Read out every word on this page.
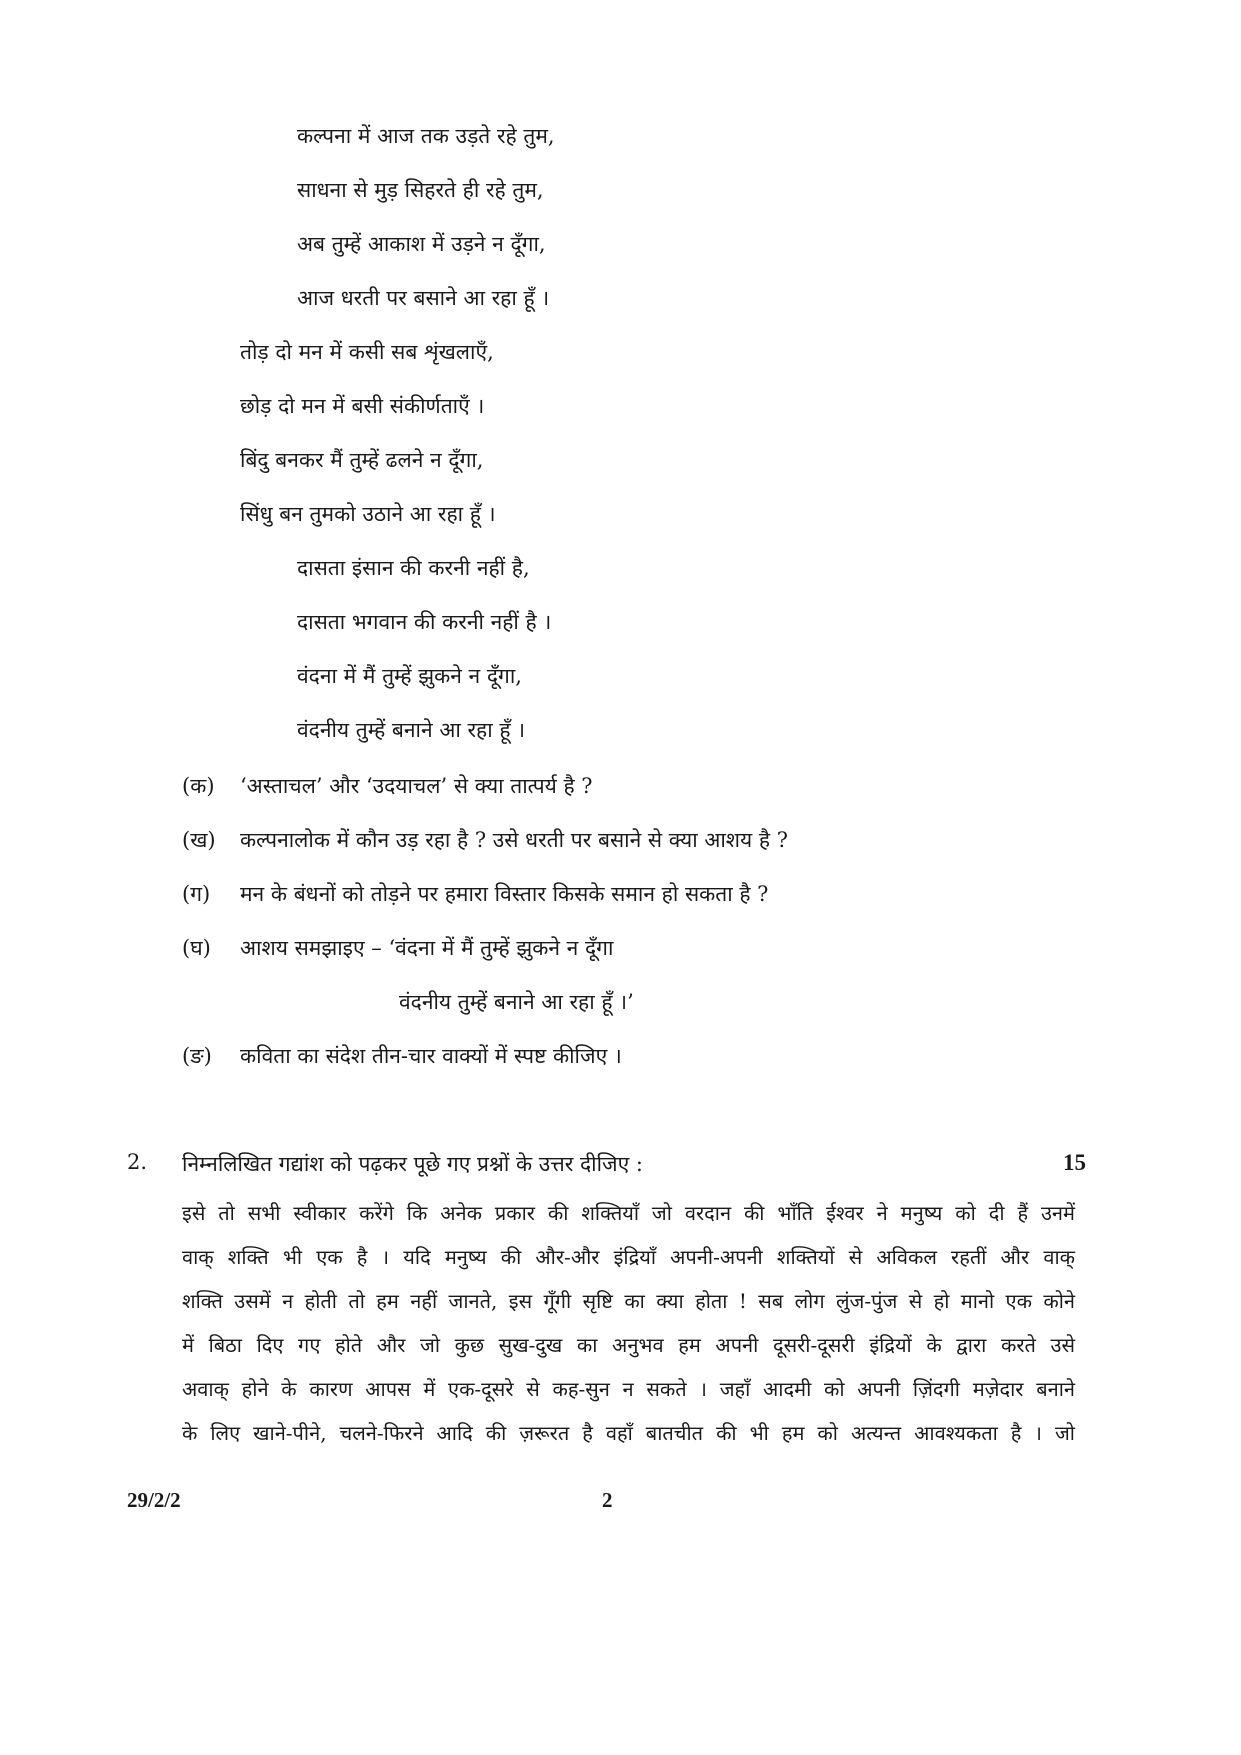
कल्पना में आज तक उड़ते रहे तुम,
साधना से मुड़ सिहरते ही रहे तुम,
अब तुम्हें आकाश में उड़ने न दूँगा,
आज धरती पर बसाने आ रहा हूँ ।
तोड़ दो मन में कसी सब शृंखलाएँ,
छोड़ दो मन में बसी संकीर्णताएँ ।
बिंदु बनकर मैं तुम्हें ढलने न दूँगा,
सिंधु बन तुमको उठाने आ रहा हूँ ।
दासता इंसान की करनी नहीं है,
दासता भगवान की करनी नहीं है ।
वंदना में मैं तुम्हें झुकने न दूँगा,
वंदनीय तुम्हें बनाने आ रहा हूँ ।
(क) ‘अस्ताचल’ और ‘उदयाचल’ से क्या तात्पर्य है ?
(ख) कल्पनालोक में कौन उड़ रहा है ? उसे धरती पर बसाने से क्या आशय है ?
(ग) मन के बंधनों को तोड़ने पर हमारा विस्तार किसके समान हो सकता है ?
(घ) आशय समझाइए – ‘वंदना में मैं तुम्हें झुकने न दूँगा
वंदनीय तुम्हें बनाने आ रहा हूँ ।’
(ङ) कविता का संदेश तीन-चार वाक्यों में स्पष्ट कीजिए ।
2. निम्नलिखित गद्यांश को पढ़कर पूछे गए प्रश्नों के उत्तर दीजिए :	15
इसे तो सभी स्वीकार करेंगे कि अनेक प्रकार की शक्तियाँ जो वरदान की भाँति ईश्वर ने मनुष्य को दी हैं उनमें
वाक् शक्ति भी एक है । यदि मनुष्य की और-और इंद्रियाँ अपनी-अपनी शक्तियों से अविकल रहतीं और वाक्
शक्ति उसमें न होती तो हम नहीं जानते, इस गूँगी सृष्टि का क्या होता ! सब लोग लुंज-पुंज से हो मानो एक कोने
में बिठा दिए गए होते और जो कुछ सुख-दुख का अनुभव हम अपनी दूसरी-दूसरी इंद्रियों के द्वारा करते उसे
अवाक् होने के कारण आपस में एक-दूसरे से कह-सुन न सकते । जहाँ आदमी को अपनी ज़िंदगी मज़ेदार बनाने
के लिए खाने-पीने, चलने-फिरने आदि की ज़रूरत है वहाँ बातचीत की भी हम को अत्यन्त आवश्यकता है । जो
29/2/2	2
